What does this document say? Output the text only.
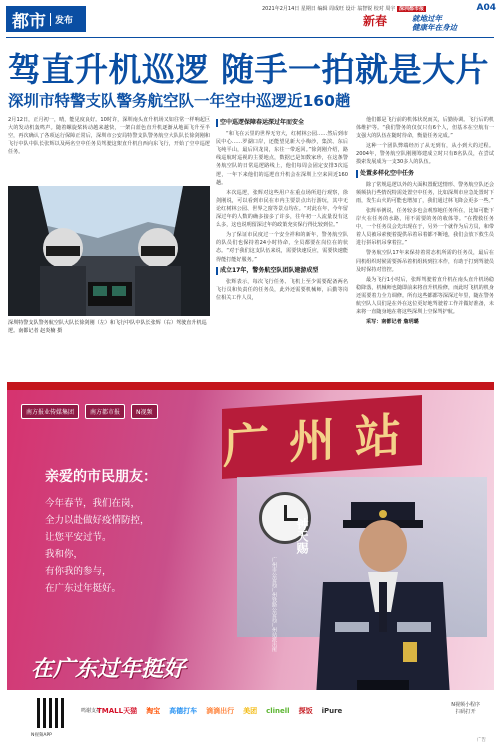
都市	发布
2021年2月14日 星期日 编辑 周成旺 设计 翁智锐 校对 周宇 深圳都市报	A04
新春	就地过年
健康年在身边
驾直升机巡逻 随手一拍就是大片
深圳市特警支队警务航空队一年空中巡逻近160趟

2月12日，正月初一，晴，能见度良好。10时许，深圳南头直升机场又如往常一样响起巨大的发动机轰鸣声。随着螺旋桨转动越来越快，一架白蓝色直升机逐渐从地面飞升至半空，再次确认了各项运行保障正常后，深圳市公安局特警支队警务航空大队队长徐剑刚和飞行中队中队长张辉以及两名空中任务员驾驶这架直升机自西向东飞行，开始了空中巡逻任务。

深圳特警支队警务航空队大队长徐剑刚（左）和飞行中队中队长张辉（右）驾驶直升机巡逻。南都记者 赵炎楠 摄

空中巡逻保障春运深过年而安全

“和飞在云里的世界无穷大，红树林公园……然后到市民中心……罗湖口岸，还能望见新大小梅沙，集滨、东后飞纯平山，最后回龙岗，东往一带返回。”徐剑刚介绍，路线巡航时巡视的主要地点，数据已是知数家珍，在这条警务航空队的日常巡逻路线上，他们每周会固定安排3次巡逻，一年下来他们的巡逻直升机会在深圳上空来回近160趟。

本次巡逻，张辉对这些用户在重点场所进行观察，徐剑刚说，可以看到市民在市内主要景点出行游玩，其中无论红树林公园、世界之窗等景点均在。“对此在年，今年留深过年的人数的确多接多了许多，往年初一人流量没有这么多，这也说明留深过年的政策充实保行得比较到位。”

为了保证市民度过一个安全祥和的新年，警务航空队的队员们也保持着24小时待命，全员都要在岗位在的状态。“对于我们这支队伍来说，需要快速反应，需要快速能得能打能好服务。”

成立17年，警务航空队团队建游成型

张辉表示，每次飞行任务、飞机上至少需要配备两名飞行员和负责任的任务员，此外还需要机械师，后勤等岗位相关工作人员，

他们都是飞行前的机体状况而关，后勤协调。飞行后的机体维护等。“我们警务的仅仅只有6个人，但基本在空航有一支强大的队伍在随时待命，衡量任务完成。”

这种一个团队弊端经历了从无到有，从小到大的过程。2004年，警务航空队刚刚筹建成立时只有8名队员，在尝试摸索发展成为一支30多人的队伍。

处置多样化空中任务

除了常规巡逻以外的大面积置配送情形、警务航空队还会频频执行些情况特需处置空中任务，比如深圳市应急处置时下雨，发生山火的可能也增加了，我们通过林飞降会更多一些。”

张辉举例说，任务较多也会观察地任务所在，比如可能下岸火在任务的水路，用不需要的务的收体等。“在搜救任务中，一个任务员会先出现在于，另外一个就作为后方员，和带着人员被吊索便着提供吊着吊着都不断地，我们会放下救生员进行拼吊机吊拿着拉。”

警务航空队17年来保持着常态机所需的任务员，最后在同机组织时候需要拆吊着机组转到拉本作，有助于打到驾驶员及时保持对管控。

最为飞行1小时后，张辉驾驶着直升机在南头直升机场稳稳降落，机械师也随即前来将直升机检修，而此时飞机的机身还需要着力全力调修。所有这些都都等深深过年里，随在警务航空队人员们是在外在这位更好地驾驶着工作并做好准备，未来将一直随身地在将这些深圳上空保驾护航。

采写：南都记者 詹玥璐

南方报业传媒集团	南方都市报	N视频 广州站
钟天赐
广州市公安局广州铁路公安局广州站派出所
亲爱的市民朋友：
今年春节，我们在岗，
全力以赴做好疫情防控，
让您平安过节。
我和你，
有你我的参与，
在广东过年挺好。
在广东过年挺好
N视频APP
鸣谢支持
TMALL天猫 淘宝 高德打车 滴滴出行 美团 clinell 探饭 iPure
N视频小程序
扫码打开
广告
